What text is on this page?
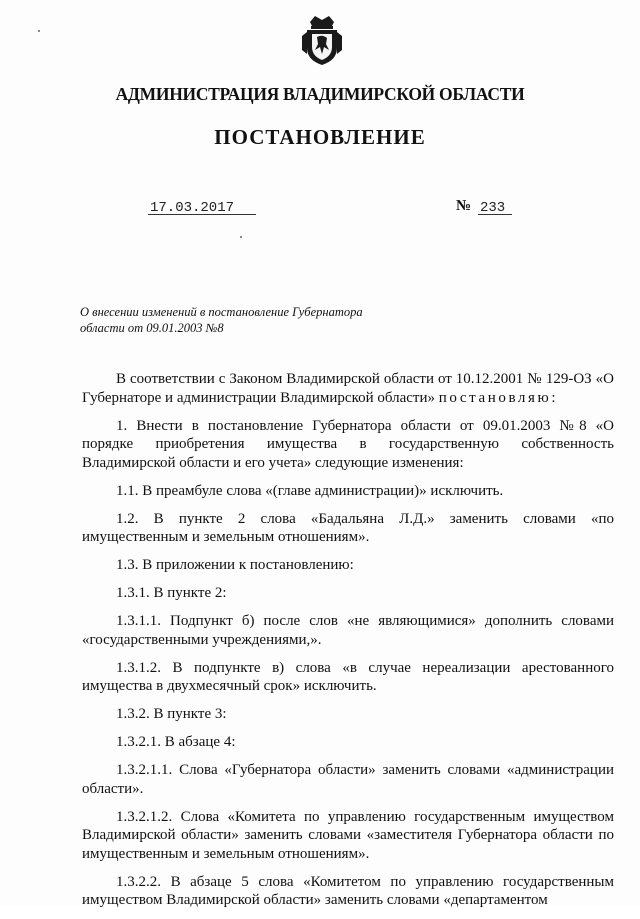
АДМИНИСТРАЦИЯ ВЛАДИМИРСКОЙ ОБЛАСТИ
ПОСТАНОВЛЕНИЕ
17.03.2017	№ 233
О внесении изменений в постановление Губернатора области от 09.01.2003 №8

В соответствии с Законом Владимирской области от 10.12.2001 № 129-ОЗ «О Губернаторе и администрации Владимирской области» постановляю:

1. Внести в постановление Губернатора области от 09.01.2003 №8 «О порядке приобретения имущества в государственную собственность Владимирской области и его учета» следующие изменения:

1.1. В преамбуле слова «(главе администрации)» исключить.

1.2. В пункте 2 слова «Бадальяна Л.Д.» заменить словами «по имущественным и земельным отношениям».

1.3. В приложении к постановлению:

1.3.1. В пункте 2:

1.3.1.1. Подпункт б) после слов «не являющимися» дополнить словами «государственными учреждениями,».

1.3.1.2. В подпункте в) слова «в случае нереализации арестованного имущества в двухмесячный срок» исключить.

1.3.2. В пункте 3:

1.3.2.1. В абзаце 4:

1.3.2.1.1. Слова «Губернатора области» заменить словами «администрации области».

1.3.2.1.2. Слова «Комитета по управлению государственным имуществом Владимирской области» заменить словами «заместителя Губернатора области по имущественным и земельным отношениям».

1.3.2.2. В абзаце 5 слова «Комитетом по управлению государственным имуществом Владимирской области» заменить словами «департаментом
